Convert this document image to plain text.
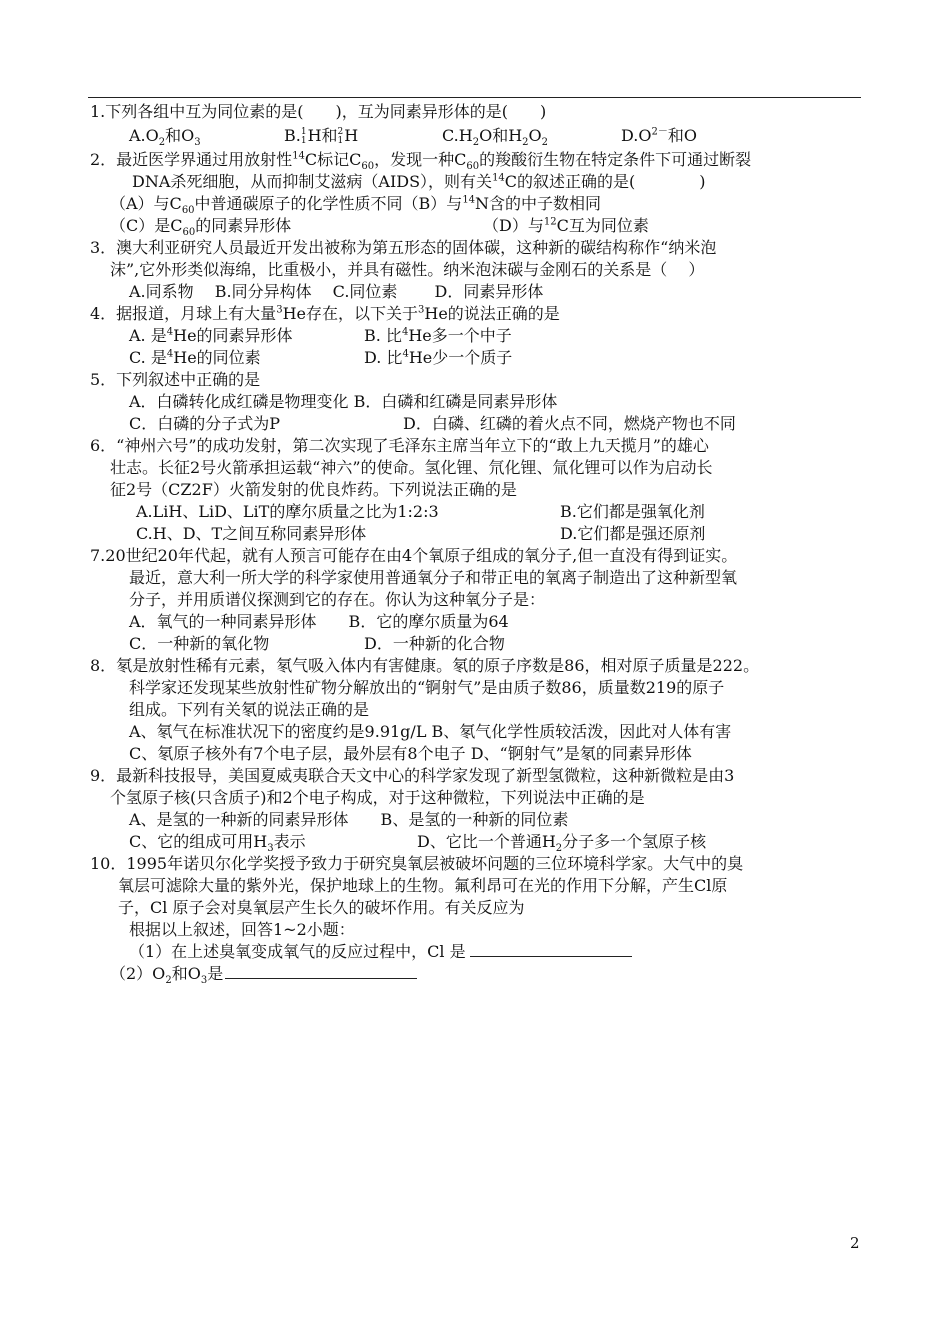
1.下列各组中互为同位素的是(　　)，互为同素异形体的是(　　)
$A.O_2$和$O_3$	B. 1
1 H和 2
1 H	$C.H_2O$和$H_2O_2$	$D.O^{2-}$和O
2．最近医学界通过用放射性$^{14}$C标记$C_{60}$，发现一种$C_{60}$的羧酸衍生物在特定条件下可通过断裂
DNA杀死细胞，从而抑制艾滋病（AIDS），则有关$^{14}$C的叙述正确的是(　　　　)
（A）与$C_{60}$中普通碳原子的化学性质不同（B）与$^{14}$N含的中子数相同
（C）是$C_{60}$的同素异形体	（D）与$^{12}$C互为同位素
3．澳大利亚研究人员最近开发出被称为第五形态的固体碳，这种新的碳结构称作“纳米泡
沫”,它外形类似海绵，比重极小，并具有磁性。纳米泡沫碳与金刚石的关系是（　 ）
A.同系物　 B.同分异构体　 C.同位素　　 D．同素异形体
4．据报道，月球上有大量$^3$He存在，以下关于$^3$He的说法正确的是
A. 是$^4$He的同素异形体	B. 比$^4$He多一个中子
C. 是$^4$He的同位素	D. 比$^4$He少一个质子
5．下列叙述中正确的是
A．白磷转化成红磷是物理变化 B．白磷和红磷是同素异形体
C．白磷的分子式为P	D．白磷、红磷的着火点不同，燃烧产物也不同
6．“神州六号”的成功发射，第二次实现了毛泽东主席当年立下的“敢上九天揽月”的雄心
壮志。长征2号火箭承担运载“神六”的使命。氢化锂、氘化锂、氚化锂可以作为启动长
征2号（CZ2F）火箭发射的优良炸药。下列说法正确的是
A.LiH、LiD、LiT的摩尔质量之比为1:2:3	B.它们都是强氧化剂
C.H、D、T之间互称同素异形体	D.它们都是强还原剂
7.20世纪20年代起，就有人预言可能存在由4个氧原子组成的氧分子,但一直没有得到证实。
最近，意大利一所大学的科学家使用普通氧分子和带正电的氧离子制造出了这种新型氧
分子，并用质谱仪探测到它的存在。你认为这种氧分子是：
A．氧气的一种同素异形体　　B．它的摩尔质量为64
C．一种新的氧化物	D．一种新的化合物
8．氡是放射性稀有元素，氡气吸入体内有害健康。氡的原子序数是86，相对原子质量是222。
科学家还发现某些放射性矿物分解放出的“锕射气”是由质子数86，质量数219的原子
组成。下列有关氡的说法正确的是
A、氡气在标准状况下的密度约是9.91g/L B、氡气化学性质较活泼，因此对人体有害
C、氡原子核外有7个电子层，最外层有8个电子 D、“锕射气”是氡的同素异形体
9．最新科技报导，美国夏威夷联合天文中心的科学家发现了新型氢微粒，这种新微粒是由3
个氢原子核(只含质子)和2个电子构成，对于这种微粒，下列说法中正确的是
A、是氢的一种新的同素异形体　　B、是氢的一种新的同位素
C、它的组成可用$H_3$表示	D、它比一个普通$H_2$分子多一个氢原子核
10．1995年诺贝尔化学奖授予致力于研究臭氧层被破坏问题的三位环境科学家。大气中的臭
氧层可滤除大量的紫外光，保护地球上的生物。氟利昂可在光的作用下分解，产生Cl原
子，Cl 原子会对臭氧层产生长久的破坏作用。有关反应为
根据以上叙述，回答1~2小题：
（1）在上述臭氧变成氧气的反应过程中，Cl 是
$(2)O_2$和$O_3$是
2
